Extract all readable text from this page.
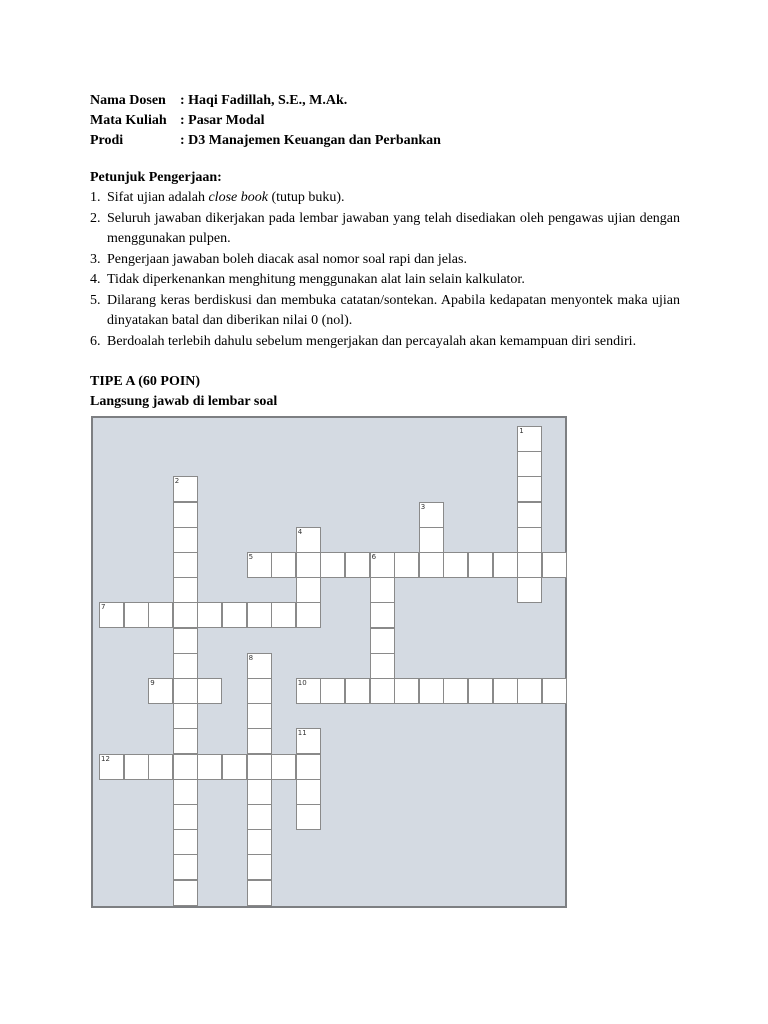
Nama Dosen	: Haqi Fadillah, S.E., M.Ak.
Mata Kuliah : Pasar Modal
Prodi	: D3 Manajemen Keuangan dan Perbankan
Petunjuk Pengerjaan:
1. Sifat ujian adalah close book (tutup buku).
2. Seluruh jawaban dikerjakan pada lembar jawaban yang telah disediakan oleh pengawas ujian dengan menggunakan pulpen.
3. Pengerjaan jawaban boleh diacak asal nomor soal rapi dan jelas.
4. Tidak diperkenankan menghitung menggunakan alat lain selain kalkulator.
5. Dilarang keras berdiskusi dan membuka catatan/sontekan. Apabila kedapatan menyontek maka ujian dinyatakan batal dan diberikan nilai 0 (nol).
6. Berdoalah terlebih dahulu sebelum mengerjakan dan percayalah akan kemampuan diri sendiri.
TIPE A (60 POIN)
Langsung jawab di lembar soal
1
2
3
4
5	6
7
8
9	10
11
12
